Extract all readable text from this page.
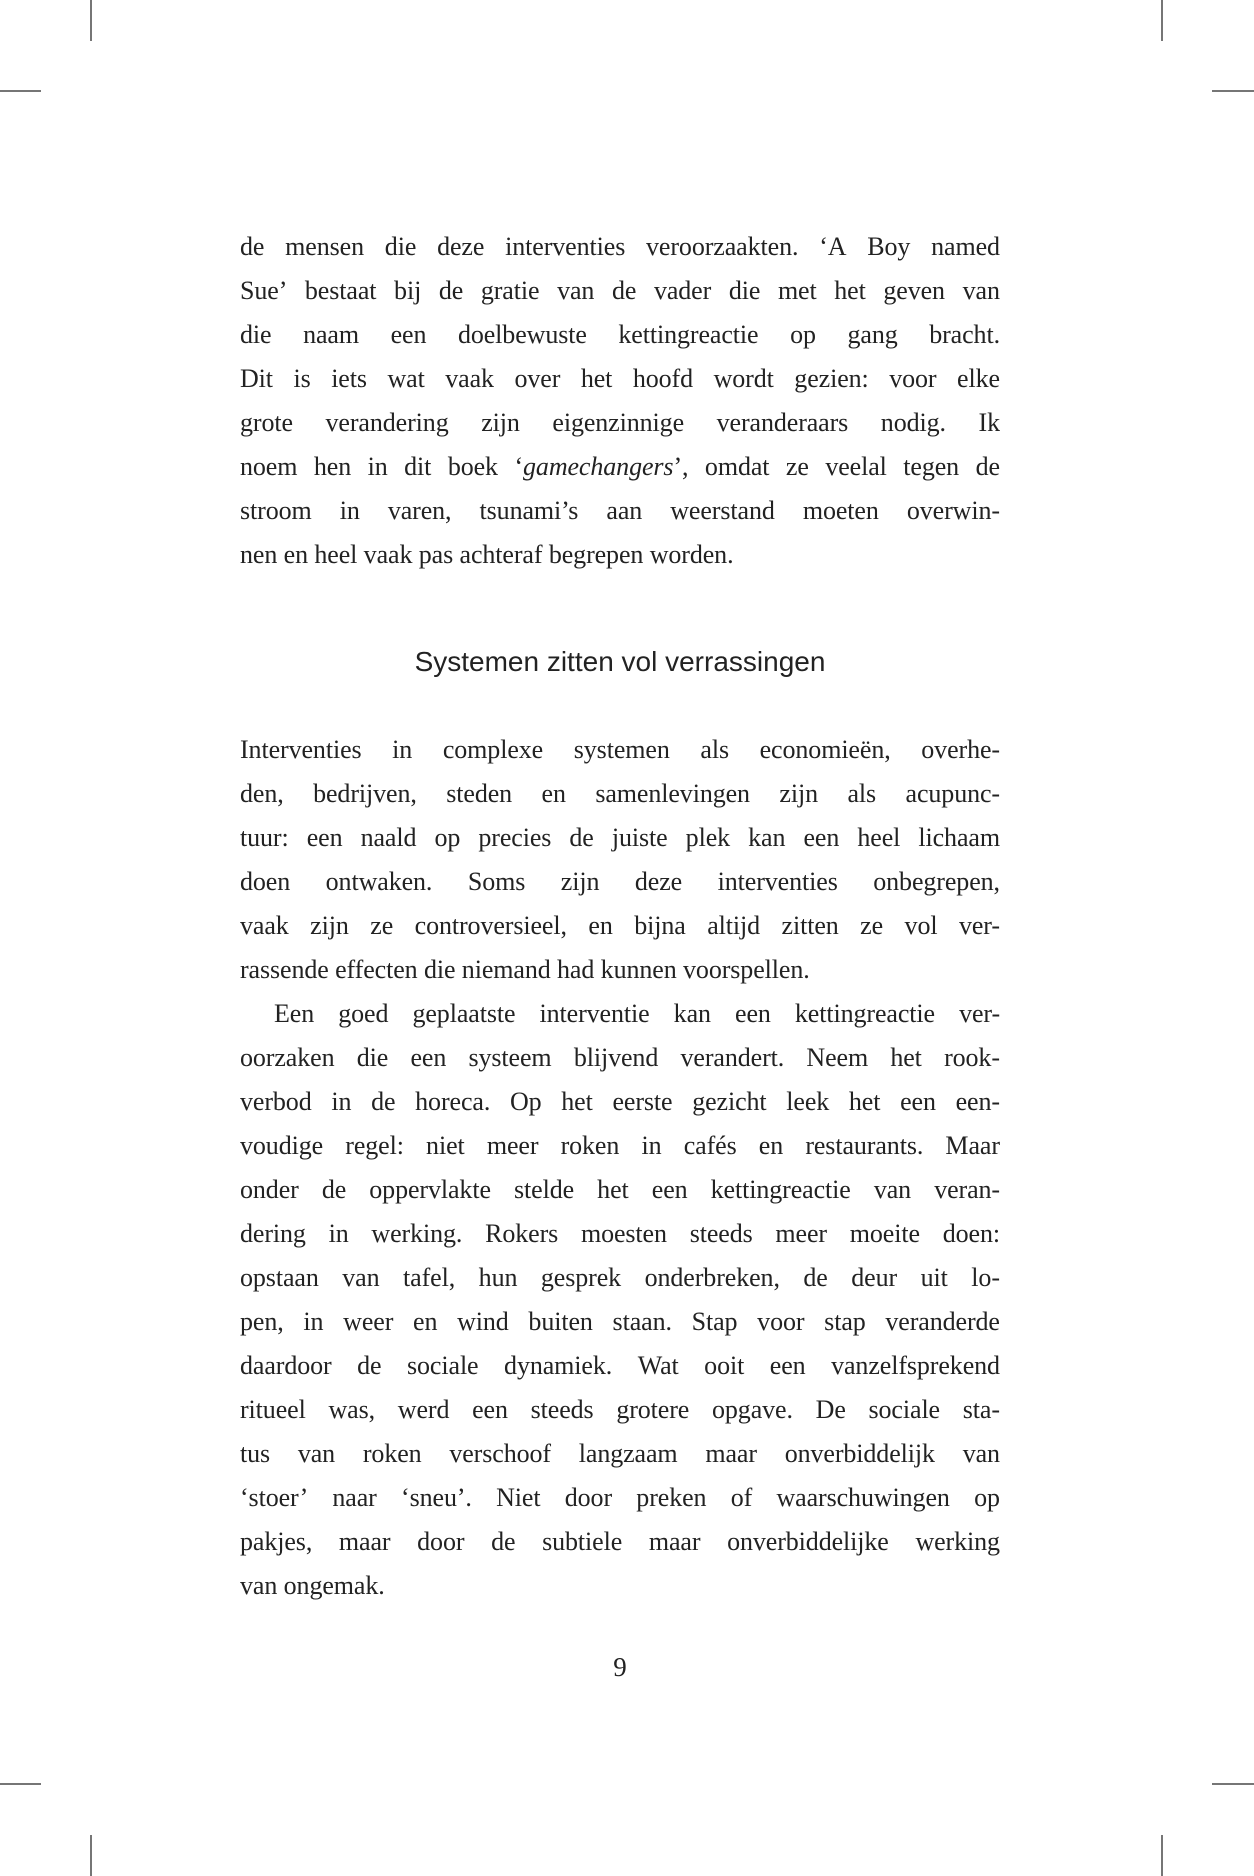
de mensen die deze interventies veroorzaakten. ‘A Boy named
Sue’ bestaat bij de gratie van de vader die met het geven van
die naam een doelbewuste kettingreactie op gang bracht.
Dit is iets wat vaak over het hoofd wordt gezien: voor elke
grote verandering zijn eigenzinnige veranderaars nodig. Ik
noem hen in dit boek ‘gamechangers’, omdat ze veelal tegen de
stroom in varen, tsunami’s aan weerstand moeten overwin-
nen en heel vaak pas achteraf begrepen worden.
Systemen zitten vol verrassingen
Interventies in complexe systemen als economieën, overhe-
den, bedrijven, steden en samenlevingen zijn als acupunc-
tuur: een naald op precies de juiste plek kan een heel lichaam
doen ontwaken. Soms zijn deze interventies onbegrepen,
vaak zijn ze controversieel, en bijna altijd zitten ze vol ver-
rassende effecten die niemand had kunnen voorspellen.
Een goed geplaatste interventie kan een kettingreactie ver-
oorzaken die een systeem blijvend verandert. Neem het rook-
verbod in de horeca. Op het eerste gezicht leek het een een-
voudige regel: niet meer roken in cafés en restaurants. Maar
onder de oppervlakte stelde het een kettingreactie van veran-
dering in werking. Rokers moesten steeds meer moeite doen:
opstaan van tafel, hun gesprek onderbreken, de deur uit lo-
pen, in weer en wind buiten staan. Stap voor stap veranderde
daardoor de sociale dynamiek. Wat ooit een vanzelfsprekend
ritueel was, werd een steeds grotere opgave. De sociale sta-
tus van roken verschoof langzaam maar onverbiddelijk van
‘stoer’ naar ‘sneu’. Niet door preken of waarschuwingen op
pakjes, maar door de subtiele maar onverbiddelijke werking
van ongemak.
9
